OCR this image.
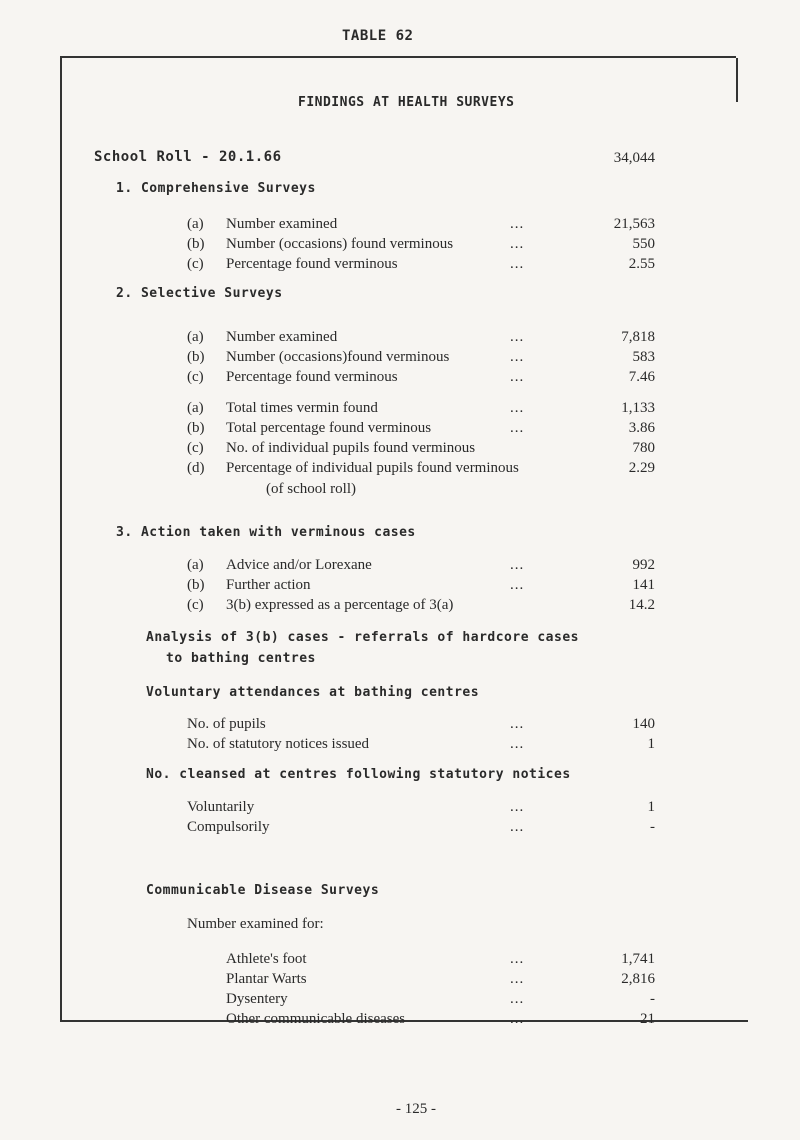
TABLE 62
FINDINGS AT HEALTH SURVEYS
School Roll - 20.1.66	34,044
1. Comprehensive Surveys
(a) Number examined	...	21,563
(b) Number (occasions) found verminous	...	550
(c) Percentage found verminous	...	2.55
2. Selective Surveys
(a) Number examined	...	7,818
(b) Number (occasions)found verminous	...	583
(c) Percentage found verminous	...	7.46
(a) Total times vermin found	...	1,133
(b) Total percentage found verminous	...	3.86
(c) No. of individual pupils found verminous	780
(d) Percentage of individual pupils found verminous	2.29
(of school roll)
3. Action taken with verminous cases
(a) Advice and/or Lorexane	...	992
(b) Further action	...	141
(c) 3(b) expressed as a percentage of 3(a)	14.2
Analysis of 3(b) cases - referrals of hardcore cases
to bathing centres
Voluntary attendances at bathing centres
No. of pupils	...	140
No. of statutory notices issued	...	1
No. cleansed at centres following statutory notices
Voluntarily	...	1
Compulsorily	...	-
Communicable Disease Surveys
Number examined for:
Athlete's foot	...	1,741
Plantar Warts	...	2,816
Dysentery	...	-
Other communicable diseases	...	21
- 125 -
